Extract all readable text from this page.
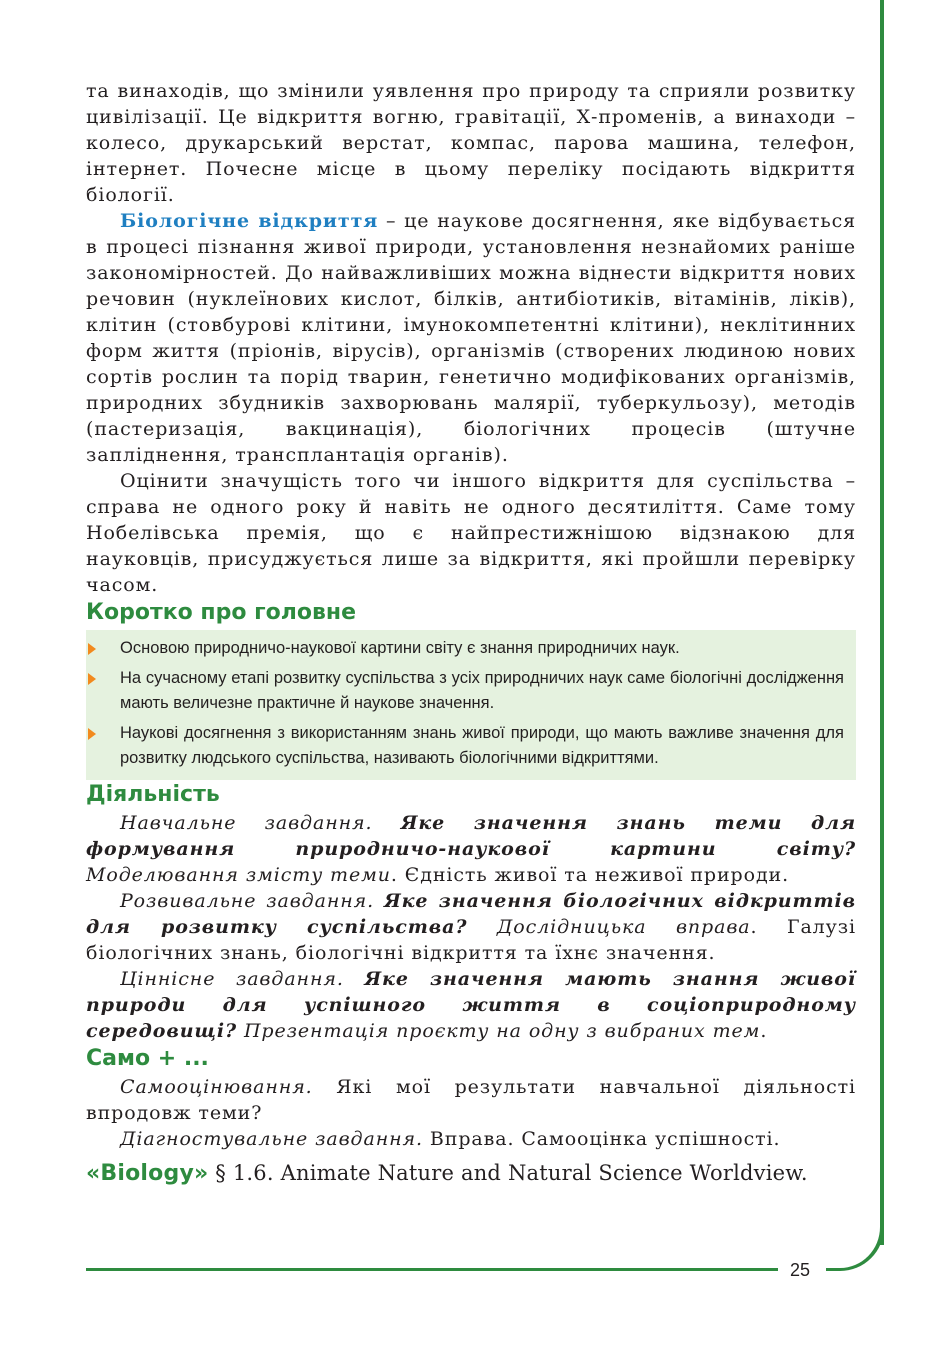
25

та винаходів, що змінили уявлення про природу та сприяли розвитку цивілізації. Це відкриття вогню, гравітації, Х-променів, а винаходи – колесо, друкарський верстат, компас, парова машина, телефон, інтернет. Почесне місце в цьому переліку посідають відкриття біології.

Біологічне відкриття – це наукове досягнення, яке відбувається в процесі пізнання живої природи, установлення незнайомих раніше закономірностей. До найважливіших можна віднести відкриття нових речовин (нуклеїнових кислот, білків, антибіотиків, вітамінів, ліків), клітин (стовбурові клітини, імунокомпетентні клітини), неклітинних форм життя (пріонів, вірусів), організмів (створених людиною нових сортів рослин та порід тварин, генетично модифікованих організмів, природних збудників захворювань малярії, туберкульозу), методів (пастеризація, вакцинація), біологічних процесів (штучне запліднення, трансплантація органів).

Оцінити значущість того чи іншого відкриття для суспільства – справа не одного року й навіть не одного десятиліття. Саме тому Нобелівська премія, що є найпрестижнішою відзнакою для науковців, присуджується лише за відкриття, які пройшли перевірку часом.

Коротко про головне
Основою природничо-наукової картини світу є знання природничих наук.
На сучасному етапі розвитку суспільства з усіх природничих наук саме біологічні дослідження мають величезне практичне й наукове значення.
Наукові досягнення з використанням знань живої природи, що мають важливе значення для розвитку людського суспільства, називають біологічними відкриттями.
Діяльність

Навчальне завдання. Яке значення знань теми для формування природничо-наукової картини світу? Моделювання змісту теми. Єдність живої та неживої природи.

Розвивальне завдання. Яке значення біологічних відкриттів для розвитку суспільства? Дослідницька вправа. Галузі біологічних знань, біологічні відкриття та їхнє значення.

Ціннісне завдання. Яке значення мають знання живої природи для успішного життя в соціоприродному середовищі? Презентація проєкту на одну з вибраних тем.

Само + ...

Самооцінювання. Які мої результати навчальної діяльності впродовж теми?

Діагностувальне завдання. Вправа. Самооцінка успішності.

«Biology» § 1.6. Animate Nature and Natural Science Worldview.
